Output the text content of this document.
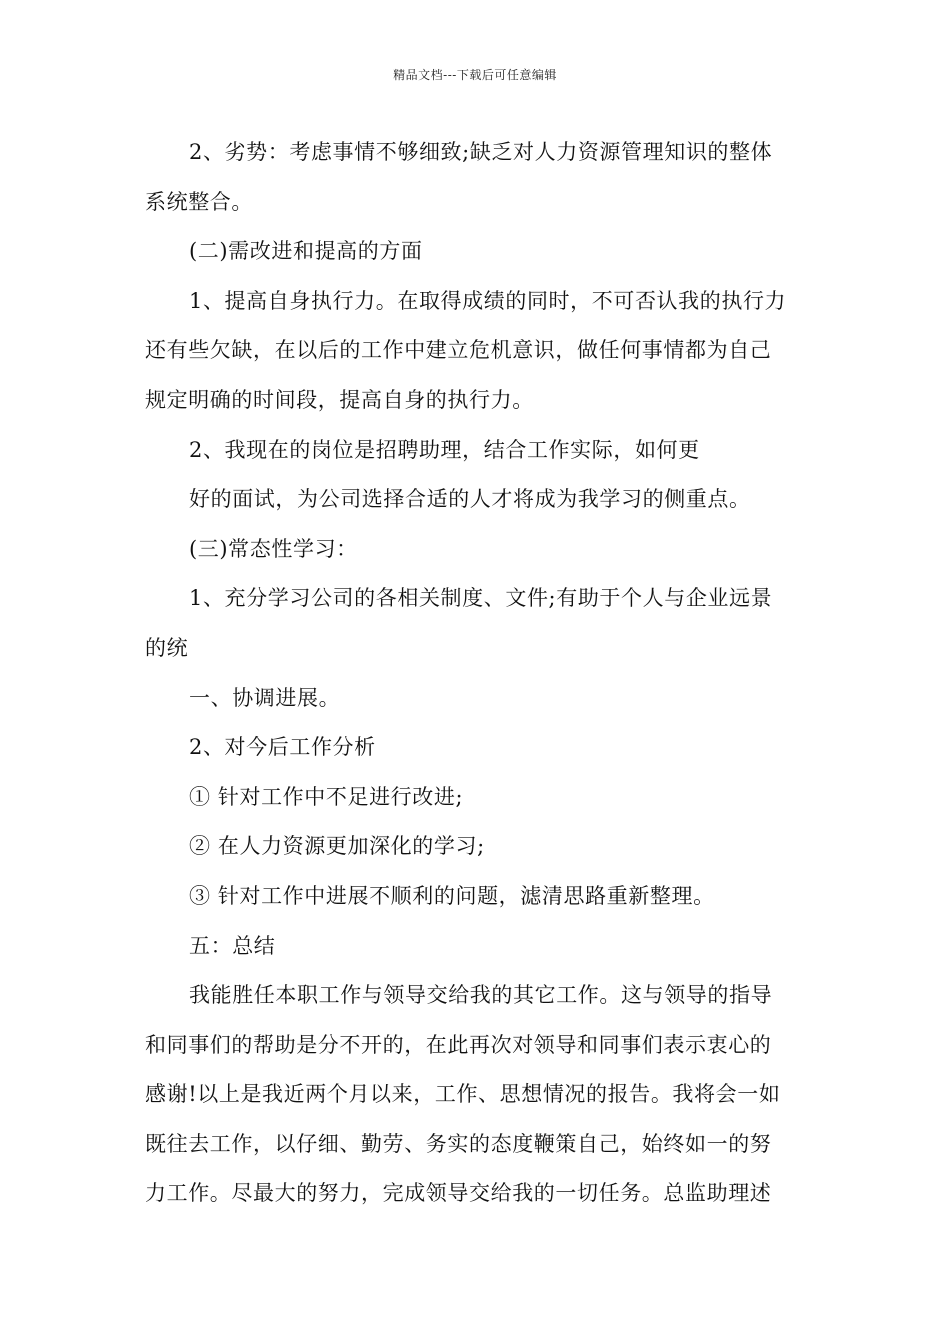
精品文档---下载后可任意编辑
2、劣势：考虑事情不够细致;缺乏对人力资源管理知识的整体
系统整合。
(二)需改进和提高的方面
1、提高自身执行力。在取得成绩的同时，不可否认我的执行力
还有些欠缺，在以后的工作中建立危机意识，做任何事情都为自己
规定明确的时间段，提高自身的执行力。
2、我现在的岗位是招聘助理，结合工作实际，如何更
好的面试，为公司选择合适的人才将成为我学习的侧重点。
(三)常态性学习：
1、充分学习公司的各相关制度、文件;有助于个人与企业远景
的统
一、协调进展。
2、对今后工作分析
① 针对工作中不足进行改进;
② 在人力资源更加深化的学习;
③ 针对工作中进展不顺利的问题，滤清思路重新整理。
五：总结
我能胜任本职工作与领导交给我的其它工作。这与领导的指导
和同事们的帮助是分不开的，在此再次对领导和同事们表示衷心的
感谢!以上是我近两个月以来，工作、思想情况的报告。我将会一如
既往去工作，以仔细、勤劳、务实的态度鞭策自己，始终如一的努
力工作。尽最大的努力，完成领导交给我的一切任务。总监助理述
